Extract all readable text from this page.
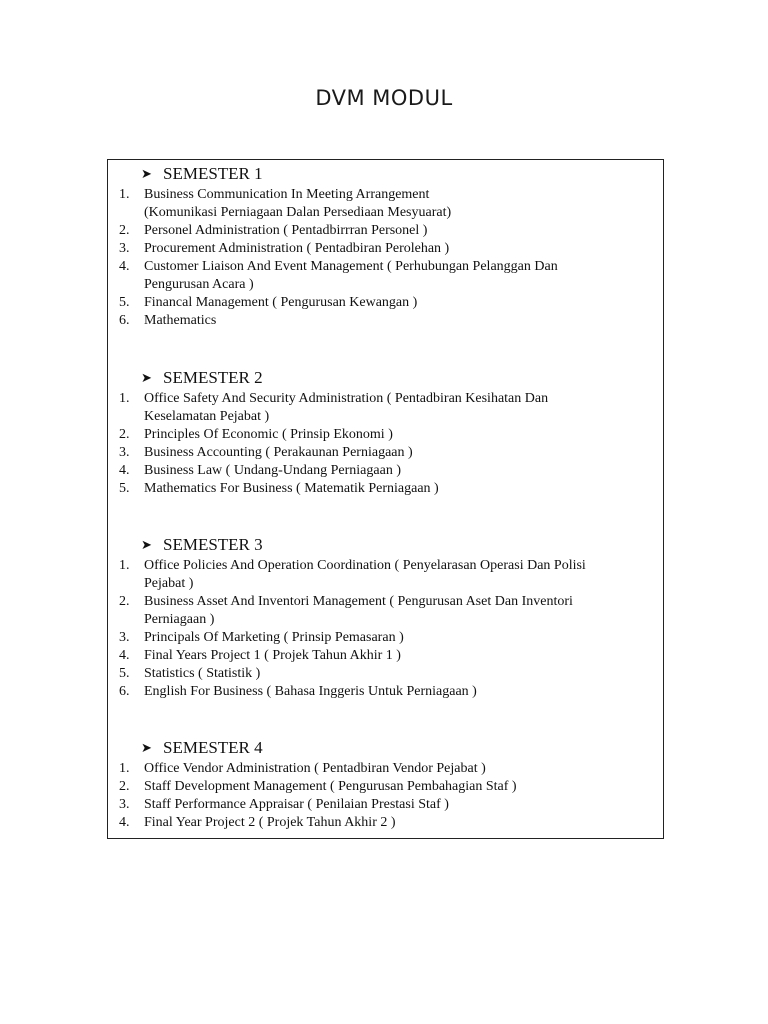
DVM MODUL
➤ SEMESTER 1
1.	Business Communication In Meeting Arrangement
(Komunikasi Perniagaan Dalan Persediaan Mesyuarat)
2.	Personel Administration ( Pentadbirrran Personel )
3.	Procurement Administration ( Pentadbiran Perolehan )
4.	Customer Liaison And Event Management ( Perhubungan Pelanggan Dan
Pengurusan Acara )
5.	Financal Management ( Pengurusan Kewangan )
6.	Mathematics
➤ SEMESTER 2
1.	Office Safety And Security Administration ( Pentadbiran Kesihatan Dan
Keselamatan Pejabat )
2.	Principles Of Economic ( Prinsip Ekonomi )
3.	Business Accounting ( Perakaunan Perniagaan )
4.	Business Law ( Undang-Undang Perniagaan )
5.	Mathematics For Business ( Matematik Perniagaan )
➤ SEMESTER 3
1.	Office Policies And Operation Coordination ( Penyelarasan Operasi Dan Polisi
Pejabat )
2.	Business Asset And Inventori Management ( Pengurusan Aset Dan Inventori
Perniagaan )
3.	Principals Of Marketing ( Prinsip Pemasaran )
4.	Final Years Project 1 ( Projek Tahun Akhir 1 )
5.	Statistics ( Statistik )
6.	English For Business ( Bahasa Inggeris Untuk Perniagaan )
➤ SEMESTER 4
1.	Office Vendor Administration ( Pentadbiran Vendor Pejabat )
2.	Staff Development Management ( Pengurusan Pembahagian Staf )
3.	Staff Performance Appraisar ( Penilaian Prestasi Staf )
4.	Final Year Project 2 ( Projek Tahun Akhir 2 )
